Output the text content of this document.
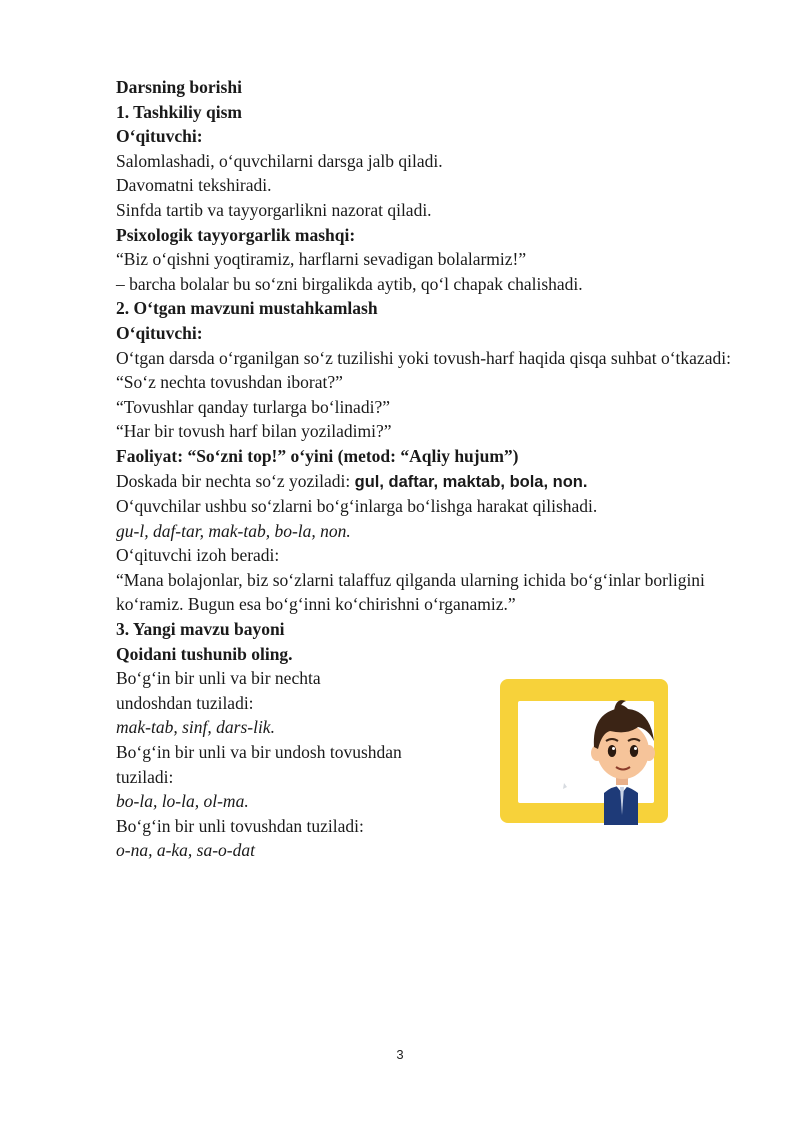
Darsning borishi
1. Tashkiliy qism
O‘qituvchi:
Salomlashadi, o‘quvchilarni darsga jalb qiladi.
Davomatni tekshiradi.
Sinfda tartib va tayyorgarlikni nazorat qiladi.
Psixologik tayyorgarlik mashqi:
“Biz o‘qishni yoqtiramiz, harflarni sevadigan bolalarmiz!”
– barcha bolalar bu so‘zni birgalikda aytib, qo‘l chapak chalishadi.
2. O‘tgan mavzuni mustahkamlash
O‘qituvchi:
O‘tgan darsda o‘rganilgan so‘z tuzilishi yoki tovush-harf haqida qisqa suhbat o‘tkazadi:
“So‘z nechta tovushdan iborat?”
“Tovushlar qanday turlarga bo‘linadi?”
“Har bir tovush harf bilan yoziladimi?”
Faoliyat: “So‘zni top!” o‘yini (metod: “Aqliy hujum”)
Doskada bir nechta so‘z yoziladi: gul, daftar, maktab, bola, non.
O‘quvchilar ushbu so‘zlarni bo‘g‘inlarga bo‘lishga harakat qilishadi.
gu-l, daf-tar, mak-tab, bo-la, non.
O‘qituvchi izoh beradi:
“Mana bolajonlar, biz so‘zlarni talaffuz qilganda ularning ichida bo‘g‘inlar borligini
ko‘ramiz. Bugun esa bo‘g‘inni ko‘chirishni o‘rganamiz.”
3. Yangi mavzu bayoni
Qoidani tushunib oling.
Bo‘g‘in bir unli va bir nechta
undoshdan tuziladi:
mak-tab, sinf, dars-lik.
Bo‘g‘in bir unli va bir undosh tovushdan
tuziladi:
bo-la, lo-la, ol-ma.
Bo‘g‘in bir unli tovushdan tuziladi:
o-na, a-ka, sa-o-dat
3
